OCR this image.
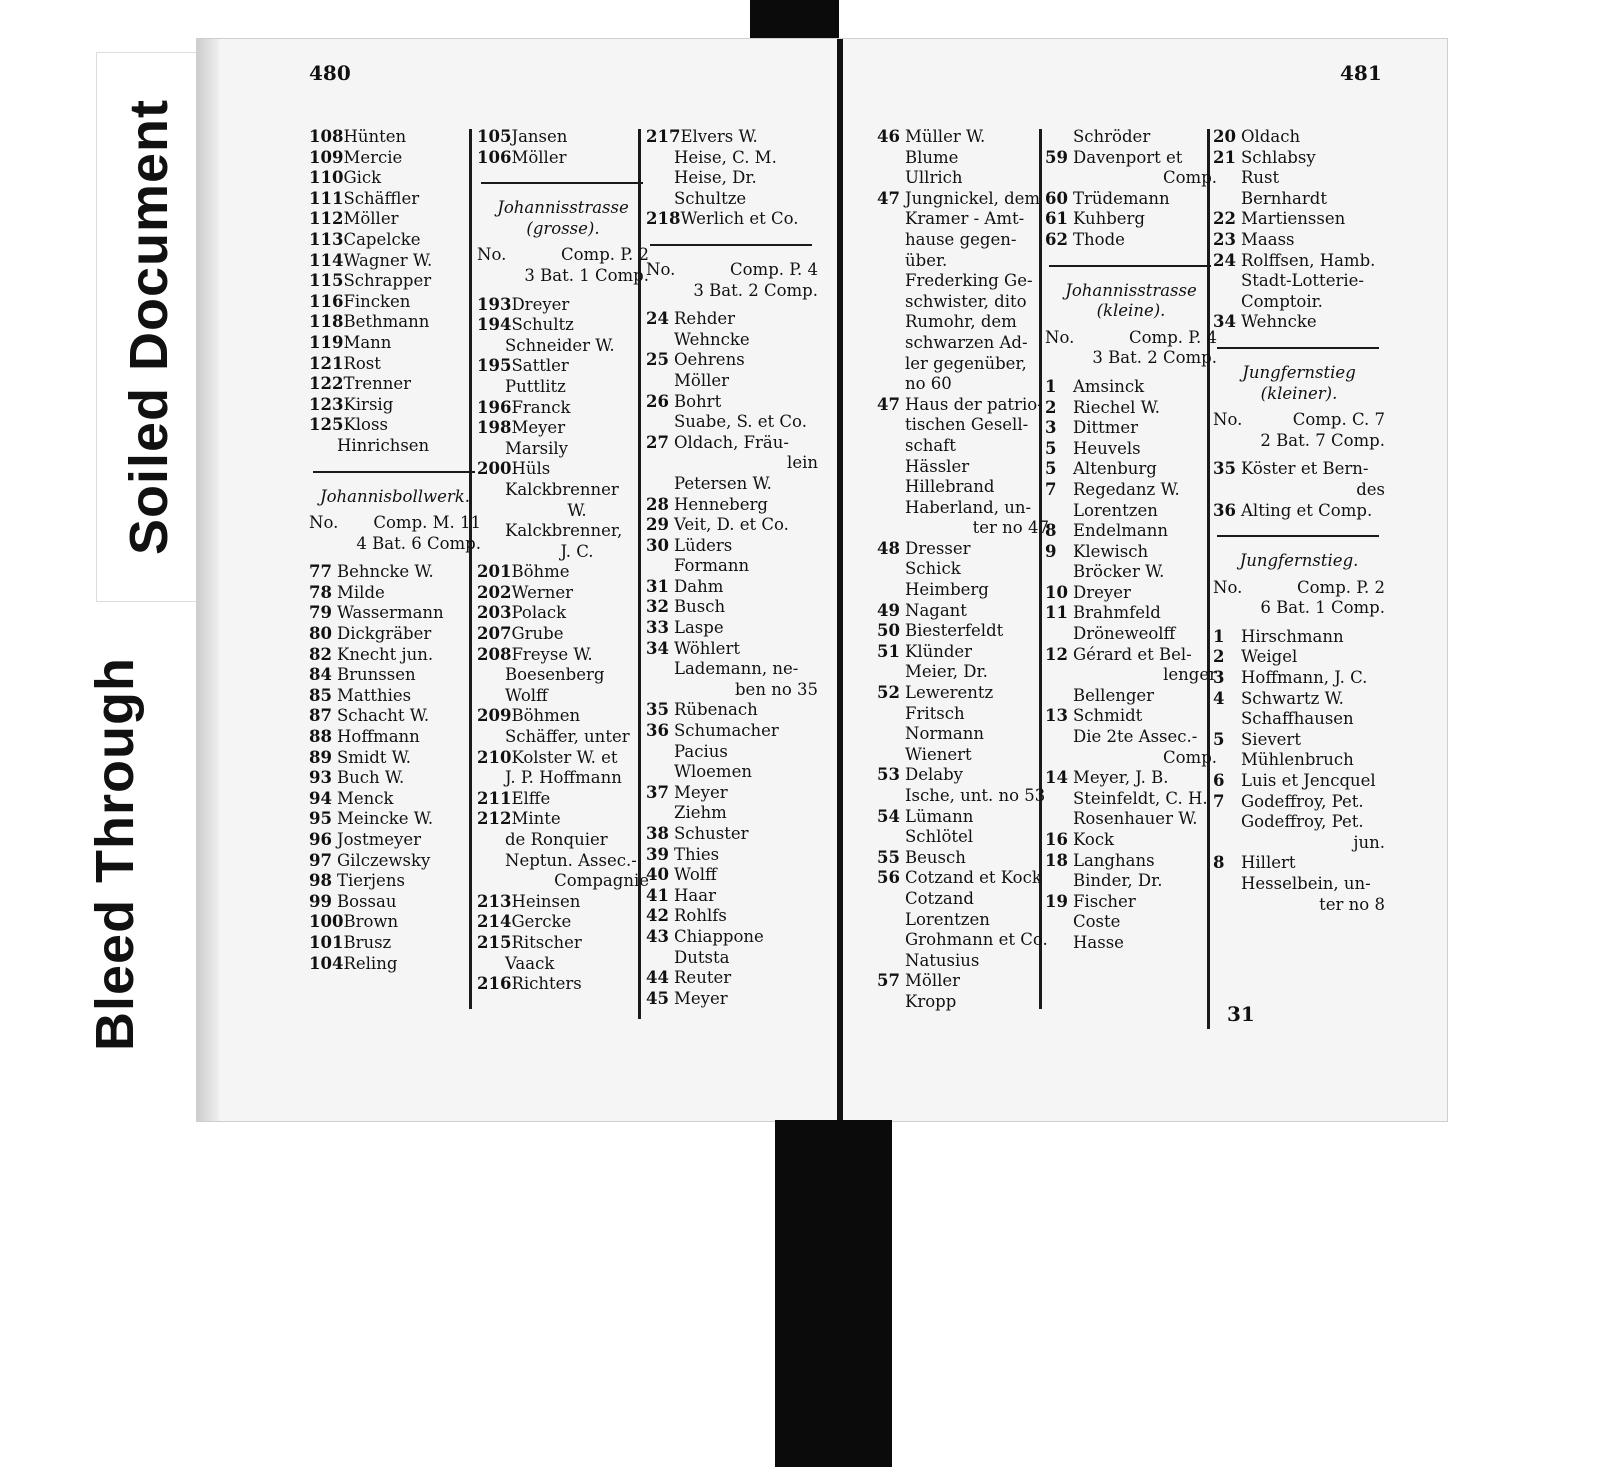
Soiled Document
Bleed Through
480	481
31
108Hünten
109Mercie
110Gick
111Schäffler
112Möller
113Capelcke
114Wagner W.
115Schrapper
116Fincken
118Bethmann
119Mann
121Rost
122Trenner
123Kirsig
125Kloss
Hinrichsen
Johannisbollwerk.
No. Comp. M. 11
4 Bat. 6 Comp.
77 Behncke W.
78 Milde
79 Wassermann
80 Dickgräber
82 Knecht jun.
84 Brunssen
85 Matthies
87 Schacht W.
88 Hoffmann
89 Smidt W.
93 Buch W.
94 Menck
95 Meincke W.
96 Jostmeyer
97 Gilczewsky
98 Tierjens
99 Bossau
100Brown
101Brusz
104Reling
105Jansen
106Möller
Johannisstrasse
(grosse).
No.	Comp. P. 2
3 Bat. 1 Comp.
193Dreyer
194Schultz
Schneider W.
195Sattler
Puttlitz
196Franck
198Meyer
Marsily
200Hüls
Kalckbrenner
W.
Kalckbrenner,
J. C.
201Böhme
202Werner
203Polack
207Grube
208Freyse W.
Boesenberg
Wolff
209Böhmen
Schäffer, unter
210Kolster W. et
J. P. Hoffmann
211Elffe
212Minte
de Ronquier
Neptun. Assec.-
Compagnie
213Heinsen
214Gercke
215Ritscher
Vaack
216Richters
217Elvers W.
Heise, C. M.
Heise, Dr.
Schultze
218Werlich et Co.
No.	Comp. P. 4
3 Bat. 2 Comp.
24 Rehder
Wehncke
25 Oehrens
Möller
26 Bohrt
Suabe, S. et Co.
27 Oldach, Fräu-
lein
Petersen W.
28 Henneberg
29 Veit, D. et Co.
30 Lüders
Formann
31 Dahm
32 Busch
33 Laspe
34 Wöhlert
Lademann, ne-
ben no 35
35 Rübenach
36 Schumacher
Pacius
Wloemen
37 Meyer
Ziehm
38 Schuster
39 Thies
40 Wolff
41 Haar
42 Rohlfs
43 Chiappone
Dutsta
44 Reuter
45 Meyer
46 Müller W.
Blume
Ullrich
47 Jungnickel, dem
Kramer - Amt-
hause gegen-
über.
Frederking Ge-
schwister, dito
Rumohr, dem
schwarzen Ad-
ler gegenüber,
no 60
47 Haus der patrio-
tischen Gesell-
schaft
Hässler
Hillebrand
Haberland, un-
ter no 47
48 Dresser
Schick
Heimberg
49 Nagant
50 Biesterfeldt
51 Klünder
Meier, Dr.
52 Lewerentz
Fritsch
Normann
Wienert
53 Delaby
Ische, unt. no 53
54 Lümann
Schlötel
55 Beusch
56 Cotzand et Kock
Cotzand
Lorentzen
Grohmann et Co.
Natusius
57 Möller
Kropp
Schröder
59 Davenport et
Comp.
60 Trüdemann
61 Kuhberg
62 Thode
Johannisstrasse
(kleine).
No.	Comp. P. 4
3 Bat. 2 Comp.
1 Amsinck
2 Riechel W.
3 Dittmer
5 Heuvels
5 Altenburg
7 Regedanz W.
Lorentzen
8 Endelmann
9 Klewisch
Bröcker W.
10 Dreyer
11 Brahmfeld
Dröneweolff
12 Gérard et Bel-
lenger
Bellenger
13 Schmidt
Die 2te Assec.-
Comp.
14 Meyer, J. B.
Steinfeldt, C. H.
Rosenhauer W.
16 Kock
18 Langhans
Binder, Dr.
19 Fischer
Coste
Hasse
20 Oldach
21 Schlabsy
Rust
Bernhardt
22 Martienssen
23 Maass
24 Rolffsen, Hamb.
Stadt-Lotterie-
Comptoir.
34 Wehncke
Jungfernstieg
(kleiner).
No.	Comp. C. 7
2 Bat. 7 Comp.
35 Köster et Bern-
des
36 Alting et Comp.
Jungfernstieg.
No.	Comp. P. 2
6 Bat. 1 Comp.
1 Hirschmann
2 Weigel
3 Hoffmann, J. C.
4 Schwartz W.
Schaffhausen
5 Sievert
Mühlenbruch
6 Luis et Jencquel
7 Godeffroy, Pet.
Godeffroy, Pet.
jun.
8 Hillert
Hesselbein, un-
ter no 8
